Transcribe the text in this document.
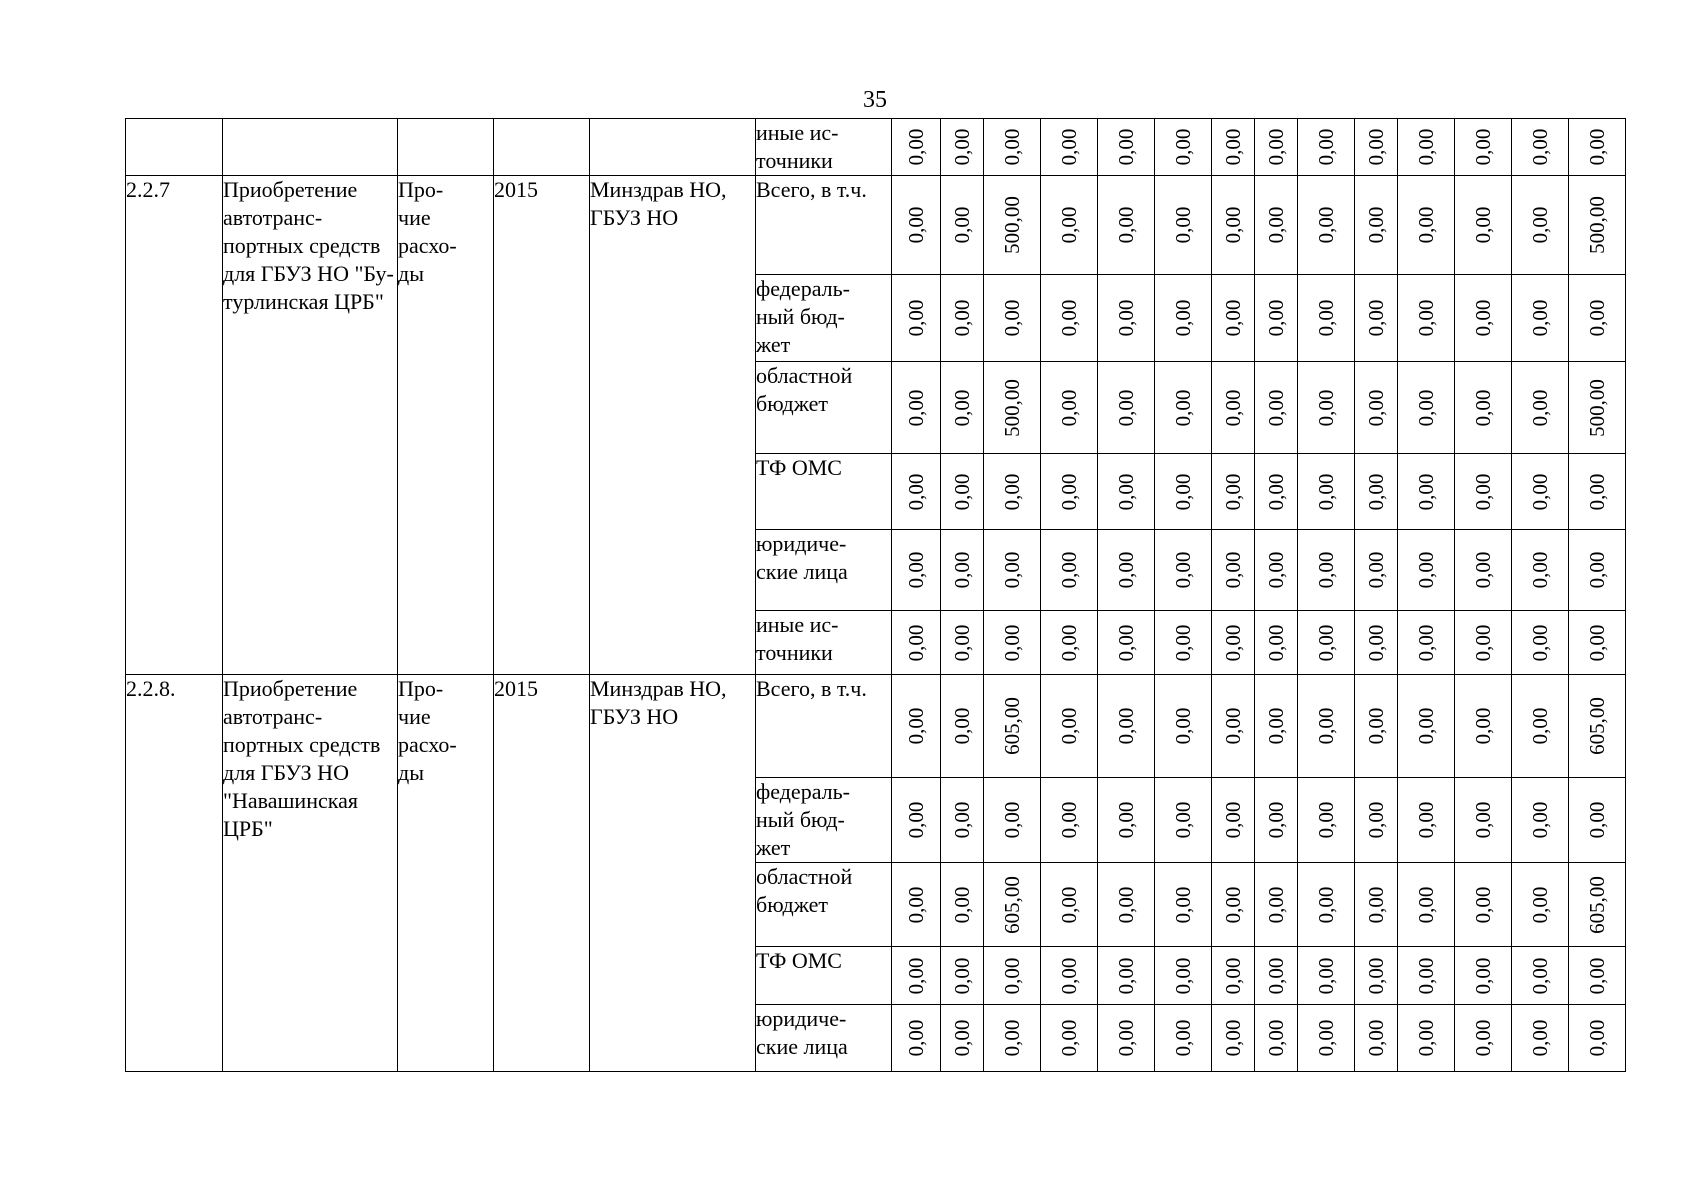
35

					иные ис-
точники	0,00	0,00	0,00	0,00	0,00	0,00	0,00	0,00	0,00	0,00	0,00	0,00	0,00	0,00

2.2.7	Приобретение автотранс-
портных средств для ГБУЗ НО "Бу-
турлинская ЦРБ"	Про-
чие расхо-
ды	2015	Минздрав НО, ГБУЗ НО	Всего, в т.ч.	0,00	0,00	500,00	0,00	0,00	0,00	0,00	0,00	0,00	0,00	0,00	0,00	0,00	500,00

					федераль-
ный бюд-
жет	0,00	0,00	0,00	0,00	0,00	0,00	0,00	0,00	0,00	0,00	0,00	0,00	0,00	0,00

					областной бюджет	0,00	0,00	500,00	0,00	0,00	0,00	0,00	0,00	0,00	0,00	0,00	0,00	0,00	500,00

					ТФ ОМС	0,00	0,00	0,00	0,00	0,00	0,00	0,00	0,00	0,00	0,00	0,00	0,00	0,00	0,00

					юридиче-
ские лица	0,00	0,00	0,00	0,00	0,00	0,00	0,00	0,00	0,00	0,00	0,00	0,00	0,00	0,00

					иные ис-
точники	0,00	0,00	0,00	0,00	0,00	0,00	0,00	0,00	0,00	0,00	0,00	0,00	0,00	0,00

2.2.8.	Приобретение автотранс-
портных средств для ГБУЗ НО "Навашинская ЦРБ"	Про-
чие расхо-
ды	2015	Минздрав НО, ГБУЗ НО	Всего, в т.ч.	0,00	0,00	605,00	0,00	0,00	0,00	0,00	0,00	0,00	0,00	0,00	0,00	0,00	605,00

					федераль-
ный бюд-
жет	0,00	0,00	0,00	0,00	0,00	0,00	0,00	0,00	0,00	0,00	0,00	0,00	0,00	0,00

					областной бюджет	0,00	0,00	605,00	0,00	0,00	0,00	0,00	0,00	0,00	0,00	0,00	0,00	0,00	605,00

					ТФ ОМС	0,00	0,00	0,00	0,00	0,00	0,00	0,00	0,00	0,00	0,00	0,00	0,00	0,00	0,00

					юридиче-
ские лица	0,00	0,00	0,00	0,00	0,00	0,00	0,00	0,00	0,00	0,00	0,00	0,00	0,00	0,00
